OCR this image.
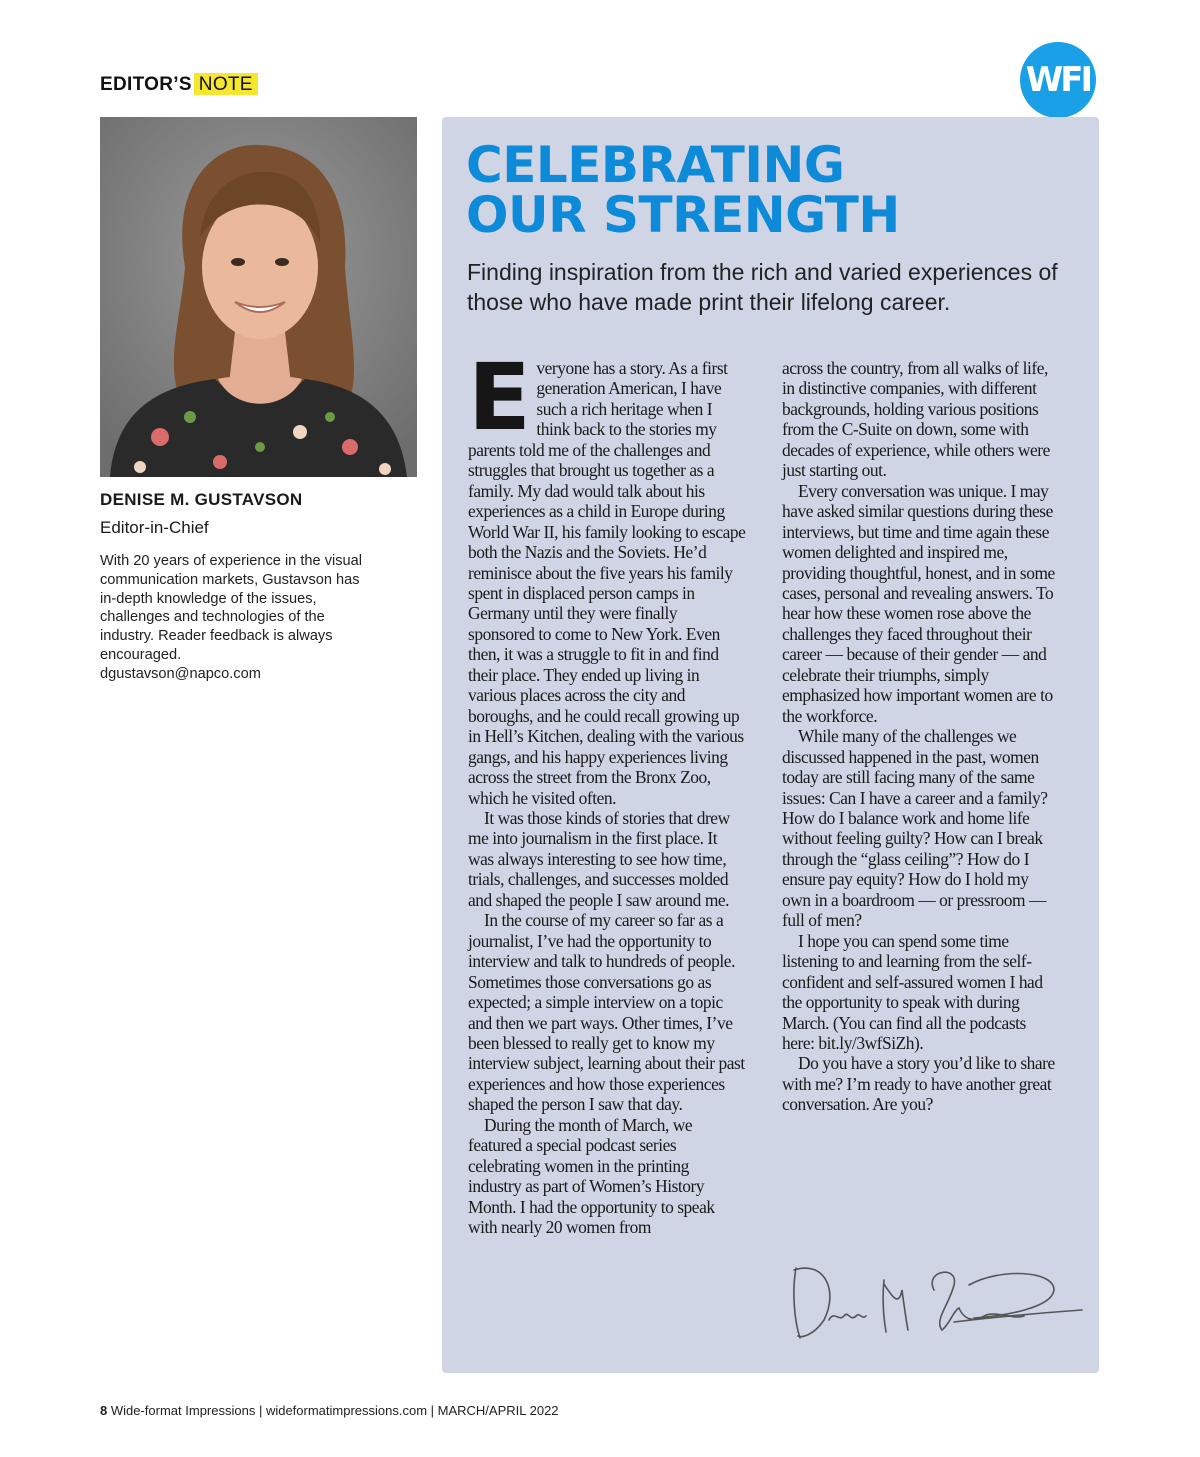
EDITOR’S NOTE	WFI
DENISE M. GUSTAVSON
Editor-in-Chief
With 20 years of experience in the visual communication markets, Gustavson has in-depth knowledge of the issues, challenges and technologies of the industry. Reader feedback is always encouraged.
dgustavson@napco.com
CELEBRATING
OUR STRENGTH
Finding inspiration from the rich and varied experiences of those who have made print their lifelong career.

Everyone has a story. As a first generation American, I have such a rich heritage when I think back to the stories my parents told me of the challenges and struggles that brought us together as a family. My dad would talk about his experiences as a child in Europe during World War II, his family looking to escape both the Nazis and the Soviets. He’d reminisce about the five years his family spent in displaced person camps in Germany until they were finally sponsored to come to New York. Even then, it was a struggle to fit in and find their place. They ended up living in various places across the city and boroughs, and he could recall growing up in Hell’s Kitchen, dealing with the various gangs, and his happy experiences living across the street from the Bronx Zoo, which he visited often.

It was those kinds of stories that drew me into journalism in the first place. It was always interesting to see how time, trials, challenges, and successes molded and shaped the people I saw around me.

In the course of my career so far as a journalist, I’ve had the opportunity to interview and talk to hundreds of people. Sometimes those conversations go as expected; a simple interview on a topic and then we part ways. Other times, I’ve been blessed to really get to know my interview subject, learning about their past experiences and how those experiences shaped the person I saw that day.

During the month of March, we featured a special podcast series celebrating women in the printing industry as part of Women’s History Month. I had the opportunity to speak with nearly 20 women from

across the country, from all walks of life, in distinctive companies, with different backgrounds, holding various positions from the C-Suite on down, some with decades of experience, while others were just starting out.

Every conversation was unique. I may have asked similar questions during these interviews, but time and time again these women delighted and inspired me, providing thoughtful, honest, and in some cases, personal and revealing answers. To hear how these women rose above the challenges they faced throughout their career — because of their gender — and celebrate their triumphs, simply emphasized how important women are to the workforce.

While many of the challenges we discussed happened in the past, women today are still facing many of the same issues: Can I have a career and a family? How do I balance work and home life without feeling guilty? How can I break through the “glass ceiling”? How do I ensure pay equity? How do I hold my own in a boardroom — or pressroom — full of men?

I hope you can spend some time listening to and learning from the self-confident and self-assured women I had the opportunity to speak with during March. (You can find all the podcasts here: bit.ly/3wfSiZh).

Do you have a story you’d like to share with me? I’m ready to have another great conversation. Are you?

8 Wide-format Impressions | wideformatimpressions.com | MARCH/APRIL 2022
